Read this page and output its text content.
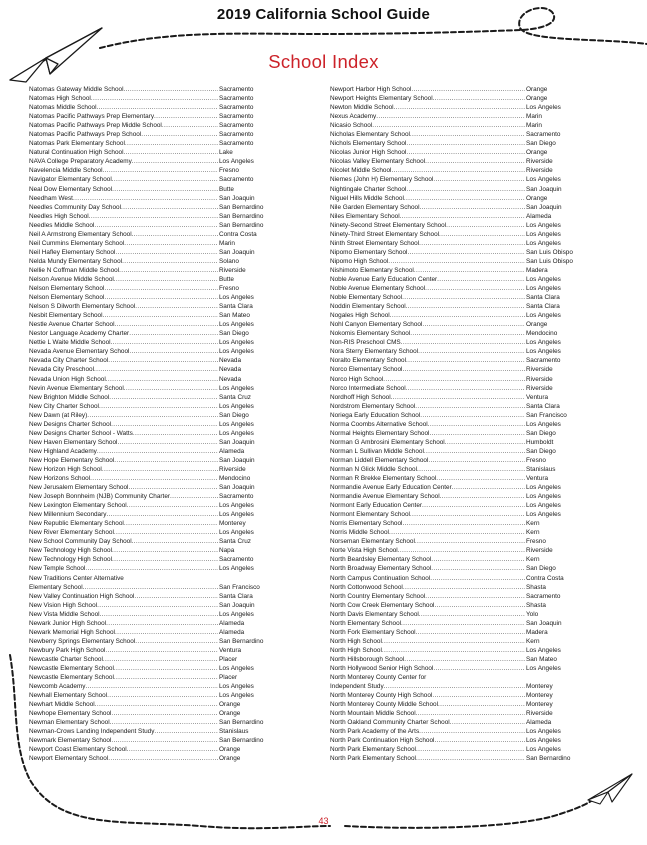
2019 California School Guide
School Index
Natomas Gateway Middle School .....	Sacramento
Natomas High School .....	Sacramento
Natomas Middle School .....	Sacramento
Natomas Pacific Pathways Prep Elementary .....	Sacramento
Natomas Pacific Pathways Prep Middle School .....	Sacramento
Natomas Pacific Pathways Prep School .....	Sacramento
Natomas Park Elementary School .....	Sacramento
Natural Continuation High School .....	Lake
NAVA College Preparatory Academy .....	Los Angeles
Navelencia Middle School .....	Fresno
Navigator Elementary School .....	Sacramento
Neal Dow Elementary School .....	Butte
Needham West .....	San Joaquin
Needles Community Day School .....	San Bernardino
Needles High School .....	San Bernardino
Needles Middle School .....	San Bernardino
Neil A Armstrong Elementary School .....	Contra Costa
Neil Cummins Elementary School .....	Marin
Neil Hafley Elementary School .....	San Joaquin
Nelda Mundy Elementary School .....	Solano
Nellie N Coffman Middle School .....	Riverside
Nelson Avenue Middle School .....	Butte
Nelson Elementary School .....	Fresno
Nelson Elementary School .....	Los Angeles
Nelson S Dilworth Elementary School .....	Santa Clara
Nesbit Elementary School .....	San Mateo
Nestle Avenue Charter School .....	Los Angeles
Nestor Language Academy Charter .....	San Diego
Nettie L Waite Middle School .....	Los Angeles
Nevada Avenue Elementary School .....	Los Angeles
Nevada City Charter School .....	Nevada
Nevada City Preschool .....	Nevada
Nevada Union High School .....	Nevada
Nevin Avenue Elementary School .....	Los Angeles
New Brighton Middle School .....	Santa Cruz
New City Charter School .....	Los Angeles
New Dawn (at Riley) .....	San Diego
New Designs Charter School .....	Los Angeles
New Designs Charter School - Watts .....	Los Angeles
New Haven Elementary School .....	San Joaquin
New Highland Academy .....	Alameda
New Hope Elementary School .....	San Joaquin
New Horizon High School .....	Riverside
New Horizons School .....	Mendocino
New Jerusalem Elementary School .....	San Joaquin
New Joseph Bonnheim (NJB) Community Charter .....	Sacramento
New Lexington Elementary School .....	Los Angeles
New Millennium Secondary .....	Los Angeles
New Republic Elementary School .....	Monterey
New River Elementary School .....	Los Angeles
New School Community Day School .....	Santa Cruz
New Technology High School .....	Napa
New Technology High School .....	Sacramento
New Temple School .....	Los Angeles
New Traditions Center Alternative
Elementary School .....	San Francisco
New Valley Continuation High School .....	Santa Clara
New Vision High School .....	San Joaquin
New Vista Middle School .....	Los Angeles
Newark Junior High School .....	Alameda
Newark Memorial High School .....	Alameda
Newberry Springs Elementary School .....	San Bernardino
Newbury Park High School .....	Ventura
Newcastle Charter School .....	Placer
Newcastle Elementary School .....	Los Angeles
Newcastle Elementary School .....	Placer
Newcomb Academy .....	Los Angeles
Newhall Elementary School .....	Los Angeles
Newhart Middle School .....	Orange
Newhope Elementary School .....	Orange
Newman Elementary School .....	San Bernardino
Newman-Crows Landing Independent Study .....	Stanislaus
Newmark Elementary School .....	San Bernardino
Newport Coast Elementary School .....	Orange
Newport Elementary School .....	Orange
Newport Harbor High School .....	Orange
Newport Heights Elementary School .....	Orange
Newton Middle School .....	Los Angeles
Nexus Academy .....	Marin
Nicasio School .....	Marin
Nicholas Elementary School .....	Sacramento
Nichols Elementary School .....	San Diego
Nicolas Junior High School .....	Orange
Nicolas Valley Elementary School .....	Riverside
Nicolet Middle School .....	Riverside
Niemes (John H) Elementary School .....	Los Angeles
Nightingale Charter School .....	San Joaquin
Niguel Hills Middle School .....	Orange
Nile Garden Elementary School .....	San Joaquin
Niles Elementary School .....	Alameda
Ninety-Second Street Elementary School .....	Los Angeles
Ninety-Third Street Elementary School .....	Los Angeles
Ninth Street Elementary School .....	Los Angeles
Nipomo Elementary School .....	San Luis Obispo
Nipomo High School .....	San Luis Obispo
Nishimoto Elementary School .....	Madera
Noble Avenue Early Education Center .....	Los Angeles
Noble Avenue Elementary School .....	Los Angeles
Noble Elementary School .....	Santa Clara
Noddin Elementary School .....	Santa Clara
Nogales High School .....	Los Angeles
Nohl Canyon Elementary School .....	Orange
Nokomis Elementary School .....	Mendocino
Non-RIS Preschool CMS .....	Los Angeles
Nora Sterry Elementary School .....	Los Angeles
Noralto Elementary School .....	Sacramento
Norco Elementary School .....	Riverside
Norco High School .....	Riverside
Norco Intermediate School .....	Riverside
Nordhoff High School .....	Ventura
Nordstrom Elementary School .....	Santa Clara
Noriega Early Education School .....	San Francisco
Norma Coombs Alternative School .....	Los Angeles
Normal Heights Elementary School .....	San Diego
Norman G Ambrosini Elementary School .....	Humboldt
Norman L Sullivan Middle School .....	San Diego
Norman Liddell Elementary School .....	Fresno
Norman N Glick Middle School .....	Stanislaus
Norman R Brekke Elementary School .....	Ventura
Normandie Avenue Early Education Center .....	Los Angeles
Normandie Avenue Elementary School .....	Los Angeles
Normont Early Education Center .....	Los Angeles
Normont Elementary School .....	Los Angeles
Norris Elementary School .....	Kern
Norris Middle School .....	Kern
Norseman Elementary School .....	Fresno
Norte Vista High School .....	Riverside
North Beardsley Elementary School .....	Kern
North Broadway Elementary School .....	San Diego
North Campus Continuation School .....	Contra Costa
North Cottonwood School .....	Shasta
North Country Elementary School .....	Sacramento
North Cow Creek Elementary School .....	Shasta
North Davis Elementary School .....	Yolo
North Elementary School .....	San Joaquin
North Fork Elementary School .....	Madera
North High School .....	Kern
North High School .....	Los Angeles
North Hillsborough School .....	San Mateo
North Hollywood Senior High School .....	Los Angeles
North Monterey County Center for
Independent Study .....	Monterey
North Monterey County High School .....	Monterey
North Monterey County Middle School .....	Monterey
North Mountain Middle School .....	Riverside
North Oakland Community Charter School .....	Alameda
North Park Academy of the Arts .....	Los Angeles
North Park Continuation High School .....	Los Angeles
North Park Elementary School .....	Los Angeles
North Park Elementary School .....	San Bernardino
43
